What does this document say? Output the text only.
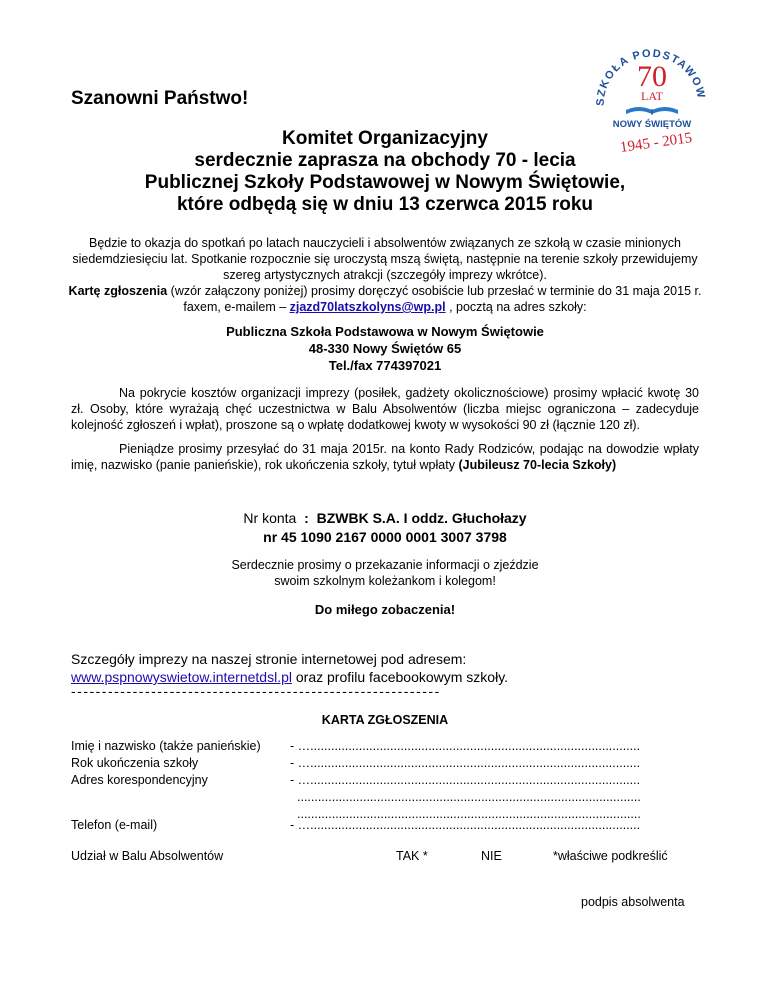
Szanowni Państwo!	SZKOŁA PODSTAWOW
70
LAT
NOWY ŚWIĘTÓW
1945 - 2015
Komitet Organizacyjny
serdecznie zaprasza na obchody 70 - lecia
Publicznej Szkoły Podstawowej w Nowym Świętowie,
które odbędą się w dniu 13 czerwca 2015 roku
Będzie to okazja do spotkań po latach nauczycieli i absolwentów związanych ze szkołą w czasie minionych siedemdziesięciu lat. Spotkanie rozpocznie się uroczystą mszą świętą, następnie na terenie szkoły przewidujemy szereg artystycznych atrakcji (szczegóły imprezy wkrótce).
Kartę zgłoszenia (wzór załączony poniżej) prosimy doręczyć osobiście lub przesłać w terminie do 31 maja 2015 r. faxem, e-mailem – zjazd70latszkolyns@wp.pl , pocztą na adres szkoły:
Publiczna Szkoła Podstawowa w Nowym Świętowie
48-330 Nowy Świętów 65
Tel./fax 774397021
Na pokrycie kosztów organizacji imprezy (posiłek, gadżety okolicznościowe) prosimy wpłacić kwotę 30 zł. Osoby, które wyrażają chęć uczestnictwa w Balu Absolwentów (liczba miejsc ograniczona – zadecyduje kolejność zgłoszeń i wpłat), proszone są o wpłatę dodatkowej kwoty w wysokości 90 zł (łącznie 120 zł).
Pieniądze prosimy przesyłać do 31 maja 2015r. na konto Rady Rodziców, podając na dowodzie wpłaty imię, nazwisko (panie panieńskie), rok ukończenia szkoły, tytuł wpłaty (Jubileusz 70-lecia Szkoły)
Nr konta : BZWBK S.A. I oddz. Głuchołazy
nr 45 1090 2167 0000 0001 3007 3798
Serdecznie prosimy o przekazanie informacji o zjeździe
swoim szkolnym koleżankom i kolegom!
Do miłego zobaczenia!
Szczegóły imprezy na naszej stronie internetowej pod adresem:
www.pspnowyswietow.internetdsl.pl oraz profilu facebookowym szkoły.
------------------------------------------------------------
KARTA ZGŁOSZENIA
Imię i nazwisko (także panieńskie) - …...............................................................................................
Rok ukończenia szkoły	- …...............................................................................................
Adres korespondencyjny	- …...............................................................................................
...................................................................................................
...................................................................................................
Telefon (e-mail)	- …...............................................................................................
Udział w Balu Absolwentów	TAK *	NIE	*właściwe podkreślić
podpis absolwenta
